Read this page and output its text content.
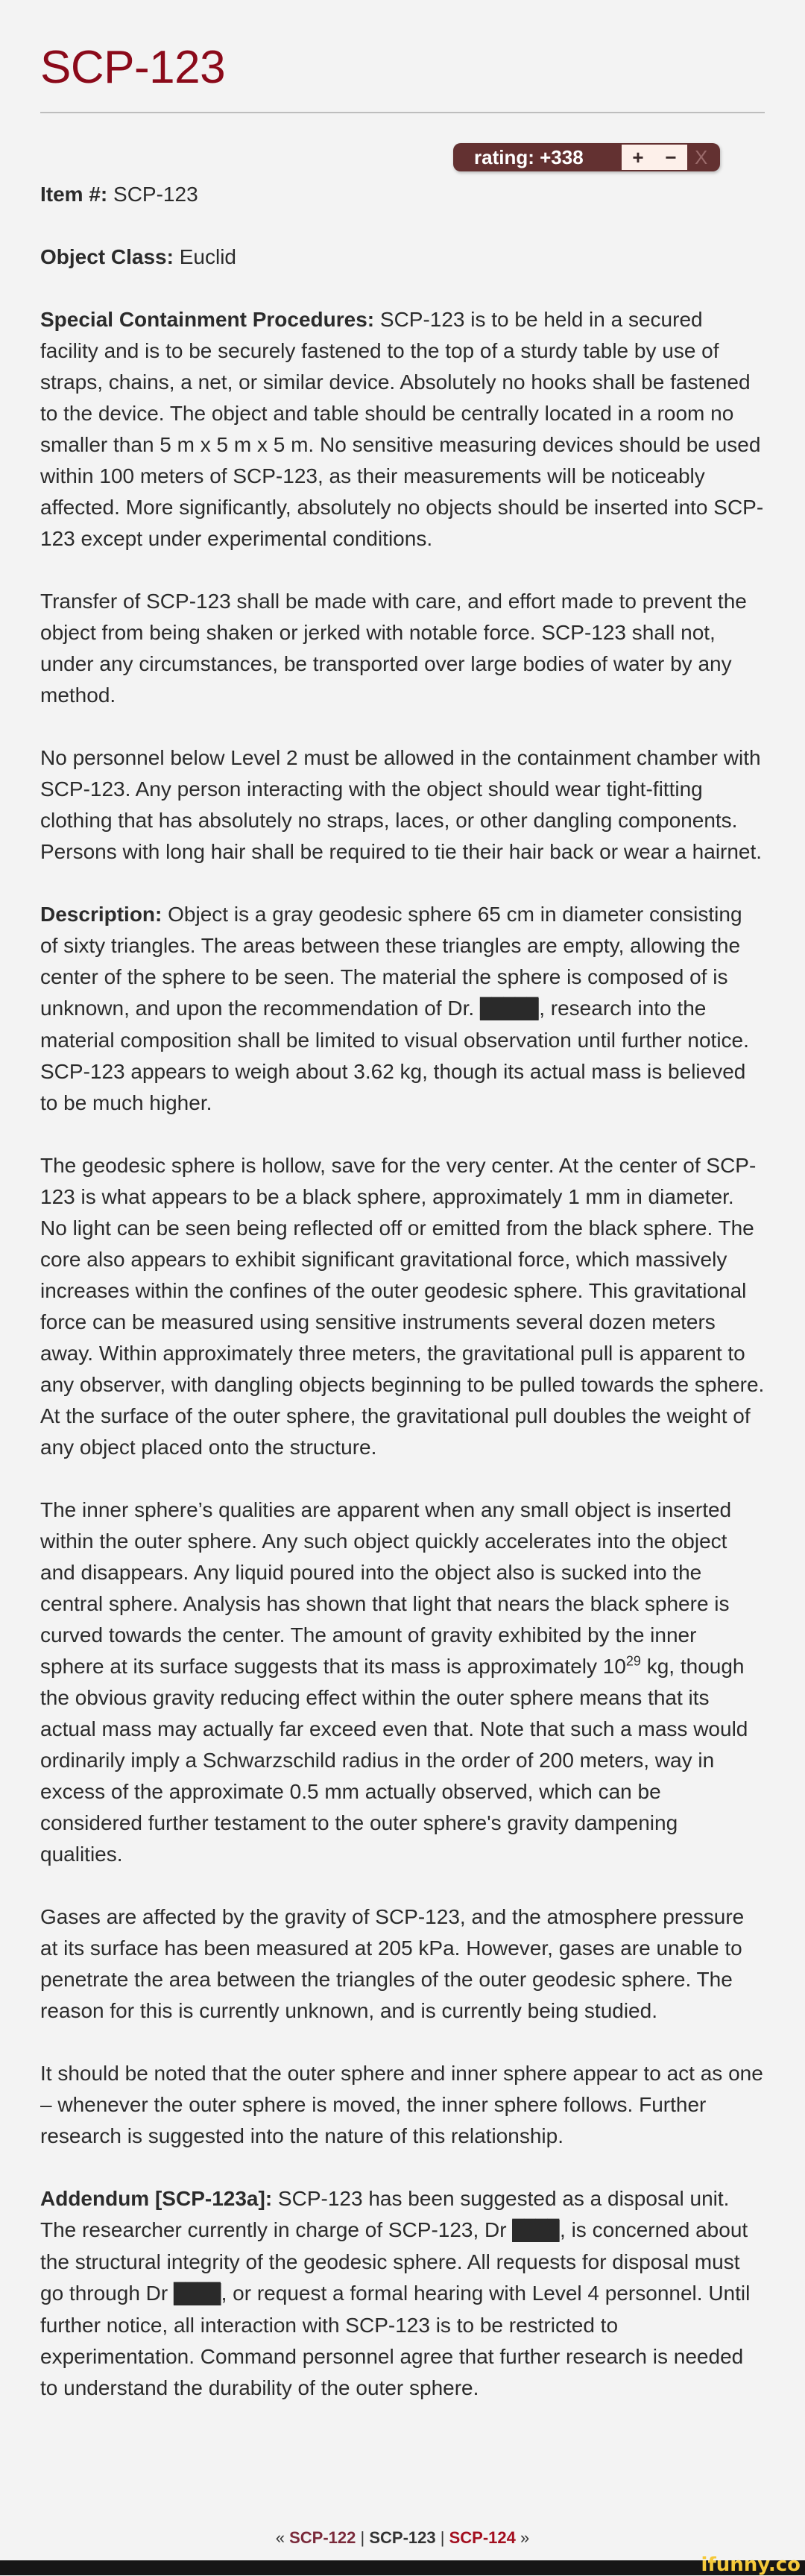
SCP-123
rating: +338	+ − X

Item #: SCP-123

Object Class: Euclid

Special Containment Procedures: SCP-123 is to be held in a secured facility and is to be securely fastened to the top of a sturdy table by use of straps, chains, a net, or similar device. Absolutely no hooks shall be fastened to the device. The object and table should be centrally located in a room no smaller than 5 m x 5 m x 5 m. No sensitive measuring devices should be used within 100 meters of SCP-123, as their measurements will be noticeably affected. More significantly, absolutely no objects should be inserted into SCP-123 except under experimental conditions.

Transfer of SCP-123 shall be made with care, and effort made to prevent the object from being shaken or jerked with notable force. SCP-123 shall not, under any circumstances, be transported over large bodies of water by any method.

No personnel below Level 2 must be allowed in the containment chamber with SCP-123. Any person interacting with the object should wear tight-fitting clothing that has absolutely no straps, laces, or other dangling components. Persons with long hair shall be required to tie their hair back or wear a hairnet.

Description: Object is a gray geodesic sphere 65 cm in diameter consisting of sixty triangles. The areas between these triangles are empty, allowing the center of the sphere to be seen. The material the sphere is composed of is unknown, and upon the recommendation of Dr. █████, research into the material composition shall be limited to visual observation until further notice. SCP-123 appears to weigh about 3.62 kg, though its actual mass is believed to be much higher.

The geodesic sphere is hollow, save for the very center. At the center of SCP-123 is what appears to be a black sphere, approximately 1 mm in diameter. No light can be seen being reflected off or emitted from the black sphere. The core also appears to exhibit significant gravitational force, which massively increases within the confines of the outer geodesic sphere. This gravitational force can be measured using sensitive instruments several dozen meters away. Within approximately three meters, the gravitational pull is apparent to any observer, with dangling objects beginning to be pulled towards the sphere. At the surface of the outer sphere, the gravitational pull doubles the weight of any object placed onto the structure.

The inner sphere’s qualities are apparent when any small object is inserted within the outer sphere. Any such object quickly accelerates into the object and disappears. Any liquid poured into the object also is sucked into the central sphere. Analysis has shown that light that nears the black sphere is curved towards the center. The amount of gravity exhibited by the inner sphere at its surface suggests that its mass is approximately $10^{29}$ kg, though the obvious gravity reducing effect within the outer sphere means that its actual mass may actually far exceed even that. Note that such a mass would ordinarily imply a Schwarzschild radius in the order of 200 meters, way in excess of the approximate 0.5 mm actually observed, which can be considered further testament to the outer sphere's gravity dampening qualities.

Gases are affected by the gravity of SCP-123, and the atmosphere pressure at its surface has been measured at 205 kPa. However, gases are unable to penetrate the area between the triangles of the outer geodesic sphere. The reason for this is currently unknown, and is currently being studied.

It should be noted that the outer sphere and inner sphere appear to act as one – whenever the outer sphere is moved, the inner sphere follows. Further research is suggested into the nature of this relationship.

Addendum [SCP-123a]: SCP-123 has been suggested as a disposal unit. The researcher currently in charge of SCP-123, Dr ████, is concerned about the structural integrity of the geodesic sphere. All requests for disposal must go through Dr ████, or request a formal hearing with Level 4 personnel. Until further notice, all interaction with SCP-123 is to be restricted to experimentation. Command personnel agree that further research is needed to understand the durability of the outer sphere.

« SCP-122 | SCP-123 | SCP-124 »
ifunny.co
